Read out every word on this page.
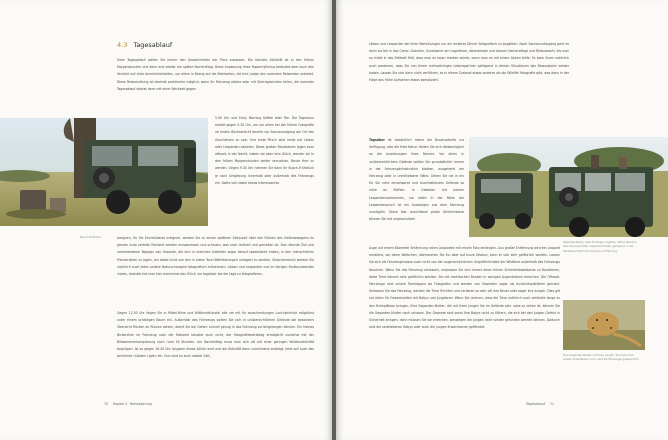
4.3 Tagesablauf
Ihren Tagesablauf sollten Sie immer den Gewohnheiten der Tiere anpassen. Die höchste Aktivität ist in den frühen Morgenstunden und dann erst wieder am späten Nachmittag. Diese Anpassung Ihres Tagesrhythmus bedeutet aber auch den Verzicht auf viele Annehmlichkeiten, vor allem in Bezug auf die Mahlzeiten, die Ihre Lodge den normalen Reisenden anbietet. Diese Reisemuttung ist deshalb praktischer möglich, wenn Ihr Fahrzeug alleine oder mit Gleichgesinnten teilen, die normaler Tagesablauf startet dann mit einer Weckzeit gegen
Busch-Frühstück
5.00 Uhr und Early Morning Kaffee oder Tee. Die Tagestour startet gegen 5.30 Uhr, um vor allem bei der frühen Fotografie im ersten Büchsenlicht bereits vor Sonnenaufgang am Ort des Geschehens zu sein. Ihre erste Pirsch wird meist auf Löwen oder Leoparden abzielen. Diese großen Raubkatzen jagen zwar oftmals in der Nacht, haben sie aber kein Glück, werden sie in den frühen Morgenstunden weiter versuchen, Beute Herr zu werden. Gegen 9.30 Uhr nehmen Sie dann Ihr Busch-Frühstück je nach Umgebung innerhalb oder außerhalb des Fahrzeugs ein. Sollte sich dabei etwas Interessantes
ereignen, für Sie Einrichtbares ereignen, werden Sie zu einem späteren Zeitpunkt über den Rücken des Geländewagens im ganzen Auto vertelte Mahlzeit werden mussenessen und schauen, was noch reichert und genießen ist. Das nächste Ziel und normalerweise Tagsiger von Geparde, die sich in manchen Gebieten sogar darauf spezialisiert haben, in den menschlichen Planverakten zu jagen, am dabei nicht von den in vielen Touri-Wettfahrungen umlagert zu werden. Zwischendurch werden Sie natürlich auch jedes andere Naturschauspiel fotografisch mitnehmen. Löwen und Leoparden und im übrigen Bruttozustandes nicken, deshalb hat man hier manchmal das Glück, sie tagsüber bei der Jagd zu fotografieren.
Gegen 12.30 Uhr liegen Sie in Mittel-Hitze und Wittleristkünstal eile um mit Ihr zwischendurigen Lunchpicknick möglichst unter einem schattigen Baum ein. Außerhalb des Fahrzeugs sollten Sie sich in unübersichtlichen Gelände bei besonders Obersicht Rücken an Rücken setzen, damit Sie bei Gefahr schnell genug in das Fahrzeug zurückgelangen können. Ein kleines Nickerchen im Fahrzeug nach der Mahlzeit schadet auch nicht, der Fotografiebetraktag ermöglicht zunächst mit der Bildsammenkomplexung nach rund 16 Stunden. Am Nachmittag muss man sich oft mit einer geringen Wildtieraktivität begnügen. Ist es gegen 16.30 Uhr langsam etwas kühler wird und die Aktivität dann zunehmend ansteigt. Jetzt soll auch das berühmte »Golden Light« ein. Nun wird es auch wieder Zeit,
70 Kapitel 4 · Reiseplanung
Löwen und Leoparden bei ihren Bemühungen um ein leckeres Dinner fotografisch zu begleiten. Nach Sonnenuntergang geht es dann zurück in das Camp. Duschen, Sundowner am Lagerfeuer, Abendessen und danach Kameraflege und Bildauswahl, bis man so müde in das Zeltbett fällt, dass man es kaum merken würde, wenn man es mit einem Löwen teilte. Es kann Ihnen natürlich auch passieren, dass Sie von Ihrem mehrwöchigen Lebenspartner gefolgend in diesen Situationen das Bewusstsein wieder haben. Lassen Sie sich dann nicht verführen, es in einem Zustand etwas anderes als die Wildlife Fotografie gibt, was dann in der Folge das frühe Aufstehen etwas kompliziert.
Tagsüber ist tatsächlich meine die Buschsafarite zur Verfügung, also die freie Natur. Halten Sie sich diesbezüglich an die Anweisungen Ihres Fahrers. Vor allem in unübersichtlichem Gelände sollten Sie grundsätzlich immer in der Fahrzeuginfrastruktur bleiben, ausgehend am Fahrzeug oder in unmittelbarer Nähe. Gehen Sie nie in ein für Sie nicht einsehbares und durchhaltendes Gelände so nahe an Büffeln. In Gebieten mit hohem Leopardenvorkommen, vor allem in der Nähe der Leopardenpirsch ist ein Aussteigen aus dem Fahrzeug unmöglich. Diese fast unsichtbare große Schleichkatze können Sie mit ungeschultem
Gepardenbabys: Gleiche Fragen ergeben Aktion Räucher aber Sonnenmutter. Gepardenmutter gefolgend in der Nachbarschaft nicht verloren mit Tarnung.
Auge auf einem Kilometer Entfernung nahm Leoparden mit einem Foto einfangen. Aus großer Entfernung wird ein Leopard meistens, vor allem Weibchen, überraschen Sie ihn aber auf kurze Distanz, kann er sich sehr gefährlich werden. Lassen Sie sich als Fahrzeuginsasse auch nicht von der augenscheinlichen Ungefährlichkeit der Wildtiere außerhalb des Fahrzeugs täuschen. Wenn Sie das Fahrzeug verlassen, verpassen Sie sich immer eines frühen Sicherheitsabstands zu Raubtieren, diese Tiere können sehr gefährlich werden. Sie mit mehrfachen Ranken in wenigen Augenblicken erreichen. Die Offroad-Fahrzeuge sind unsere Tarnkappen als Fotografen und werden von Geparden sogar als Aussichtsplattform genutzt. Verlassen Sie das Fahrzeug, werden die Tiere flüchten und verlieren so sehr oft ihre Beute oder sogar ihre Jungen. Dies gilt vor allem für Gesamtzeiten mit Babys und Jungtieren. Wenn Sie rechnen, dass die Tiere natürlich auch vielleicht lange zu den Ruheplätzen bringen. Eine Geparden-Mutter, die mit ihren Jungen Sie im Gelände sehr nahe zu sehen ist, können Sie die Geparden-Mutter nach schwarz. Der Geparde sind sonst Ihre Babys nicht zu füttern, die sich bei den Jungen Gefahr in Sicherheit bringen, dann müssen Sie sie erreichen, weswegen die Jungen nicht wieder gefunden werden können, Dadurch sind die verbliebenen Babys oder auch die jungen Erwachsenen gefährdet.
Eine Geparden-Mutter mit ihren Jungen: Sie hat immer wieder Anlaufstellen und nutzt die Fahrzeuge gelegentlich.
Tagesablauf 71
